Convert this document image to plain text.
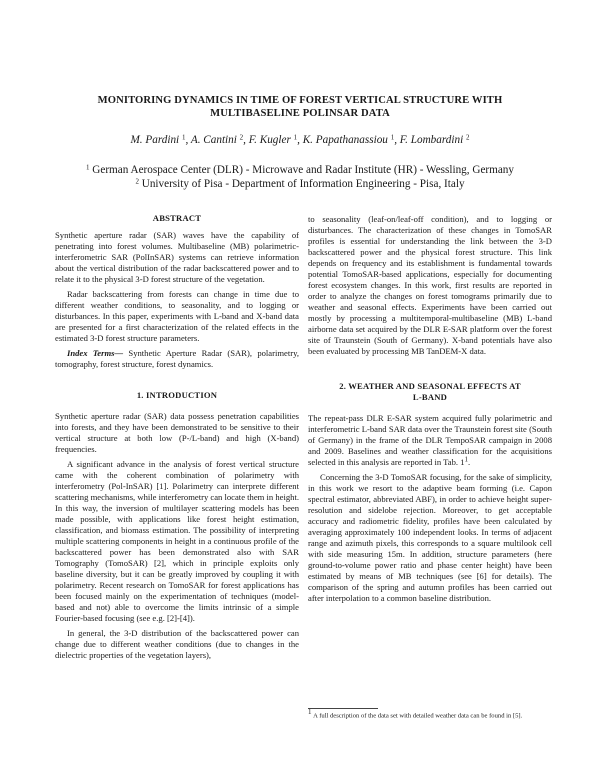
MONITORING DYNAMICS IN TIME OF FOREST VERTICAL STRUCTURE WITH
MULTIBASELINE POLINSAR DATA
M. Pardini $^1$, A. Cantini $^2$, F. Kugler $^1$, K. Papathanassiou $^1$, F. Lombardini $^2$
$^1$ German Aerospace Center (DLR) - Microwave and Radar Institute (HR) - Wessling, Germany
$^2$ University of Pisa - Department of Information Engineering - Pisa, Italy
ABSTRACT

Synthetic aperture radar (SAR) waves have the capability of penetrating into forest volumes. Multibaseline (MB) polarimetric-interferometric SAR (PolInSAR) systems can retrieve information about the vertical distribution of the radar backscattered power and to relate it to the physical 3-D forest structure of the vegetation.

Radar backscattering from forests can change in time due to different weather conditions, to seasonality, and to logging or disturbances. In this paper, experiments with L-band and X-band data are presented for a first characterization of the related effects in the estimated 3-D forest structure parameters.

Index Terms— Synthetic Aperture Radar (SAR), polarimetry, tomography, forest structure, forest dynamics.

1. INTRODUCTION

Synthetic aperture radar (SAR) data possess penetration capabilities into forests, and they have been demonstrated to be sensitive to their vertical structure at both low (P-/L-band) and high (X-band) frequencies.

A significant advance in the analysis of forest vertical structure came with the coherent combination of polarimetry with interferometry (Pol-InSAR) [1]. Polarimetry can interprete different scattering mechanisms, while interferometry can locate them in height. In this way, the inversion of multilayer scattering models has been made possible, with applications like forest height estimation, classification, and biomass estimation. The possibility of interpreting multiple scattering components in height in a continuous profile of the backscattered power has been demonstrated also with SAR Tomography (TomoSAR) [2], which in principle exploits only baseline diversity, but it can be greatly improved by coupling it with polarimetry. Recent research on TomoSAR for forest applications has been focused mainly on the experimentation of techniques (model-based and not) able to overcome the limits intrinsic of a simple Fourier-based focusing (see e.g. [2]-[4]).

In general, the 3-D distribution of the backscattered power can change due to different weather conditions (due to changes in the dielectric properties of the vegetation layers),

to seasonality (leaf-on/leaf-off condition), and to logging or disturbances. The characterization of these changes in TomoSAR profiles is essential for understanding the link between the 3-D backscattered power and the physical forest structure. This link depends on frequency and its establishment is fundamental towards potential TomoSAR-based applications, especially for documenting forest ecosystem changes. In this work, first results are reported in order to analyze the changes on forest tomograms primarily due to weather and seasonal effects. Experiments have been carried out mostly by processing a multitemporal-multibaseline (MB) L-band airborne data set acquired by the DLR E-SAR platform over the forest site of Traunstein (South of Germany). X-band potentials have also been evaluated by processing MB TanDEM-X data.

2. WEATHER AND SEASONAL EFFECTS AT
L-BAND

The repeat-pass DLR E-SAR system acquired fully polarimetric and interferometric L-band SAR data over the Traunstein forest site (South of Germany) in the frame of the DLR TempoSAR campaign in 2008 and 2009. Baselines and weather classification for the acquisitions selected in this analysis are reported in Tab. $1^1$.

Concerning the 3-D TomoSAR focusing, for the sake of simplicity, in this work we resort to the adaptive beam forming (i.e. Capon spectral estimator, abbreviated ABF), in order to achieve height super-resolution and sidelobe rejection. Moreover, to get acceptable accuracy and radiometric fidelity, profiles have been calculated by averaging approximately 100 independent looks. In terms of adjacent range and azimuth pixels, this corresponds to a square multilook cell with side measuring 15m. In addition, structure parameters (here ground-to-volume power ratio and phase center height) have been estimated by means of MB techniques (see [6] for details). The comparison of the spring and autumn profiles has been carried out after interpolation to a common baseline distribution.

$^1$ A full description of the data set with detailed weather data can be found in [5].
